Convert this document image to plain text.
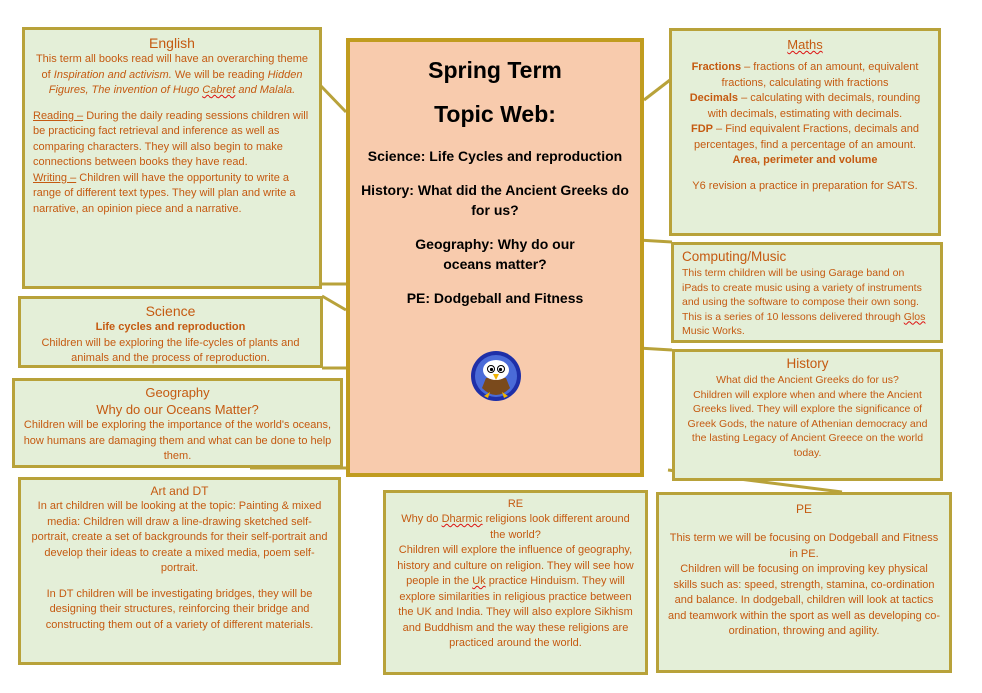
English

This term all books read will have an overarching theme of Inspiration and activism. We will be reading Hidden Figures, The invention of Hugo Cabret and Malala.

Reading – During the daily reading sessions children will be practicing fact retrieval and inference as well as comparing characters. They will also begin to make connections between books they have read.

Writing – Children will have the opportunity to write a range of different text types. They will plan and write a narrative, an opinion piece and a narrative.

Science

Life cycles and reproduction

Children will be exploring the life-cycles of plants and animals and the process of reproduction.

Geography
Why do our Oceans Matter?

Children will be exploring the importance of the world's oceans, how humans are damaging them and what can be done to help them.

Art and DT

In art children will be looking at the topic: Painting & mixed media: Children will draw a line-drawing sketched self-portrait, create a set of backgrounds for their self-portrait and develop their ideas to create a mixed media, poem self-portrait.

In DT children will be investigating bridges, they will be designing their structures, reinforcing their bridge and constructing them out of a variety of different materials.

Spring Term
Topic Web:
Science: Life Cycles and reproduction
History: What did the Ancient Greeks do for us?
Geography: Why do our oceans matter?
PE: Dodgeball and Fitness
Maths

Fractions – fractions of an amount, equivalent fractions, calculating with fractions

Decimals – calculating with decimals, rounding with decimals, estimating with decimals.

FDP – Find equivalent Fractions, decimals and percentages, find a percentage of an amount.

Area, perimeter and volume

Y6 revision a practice in preparation for SATS.

Computing/Music

This term children will be using Garage band on iPads to create music using a variety of instruments and using the software to compose their own song. This is a series of 10 lessons delivered through Glos Music Works.

History

What did the Ancient Greeks do for us?

Children will explore when and where the Ancient Greeks lived. They will explore the significance of Greek Gods, the nature of Athenian democracy and the lasting Legacy of Ancient Greece on the world today.

RE

Why do Dharmic religions look different around the world?

Children will explore the influence of geography, history and culture on religion. They will see how people in the Uk practice Hinduism. They will explore similarities in religious practice between the UK and India. They will also explore Sikhism and Buddhism and the way these religions are practiced around the world.

PE

This term we will be focusing on Dodgeball and Fitness in PE.

Children will be focusing on improving key physical skills such as: speed, strength, stamina, co-ordination and balance. In dodgeball, children will look at tactics and teamwork within the sport as well as developing co-ordination, throwing and agility.
